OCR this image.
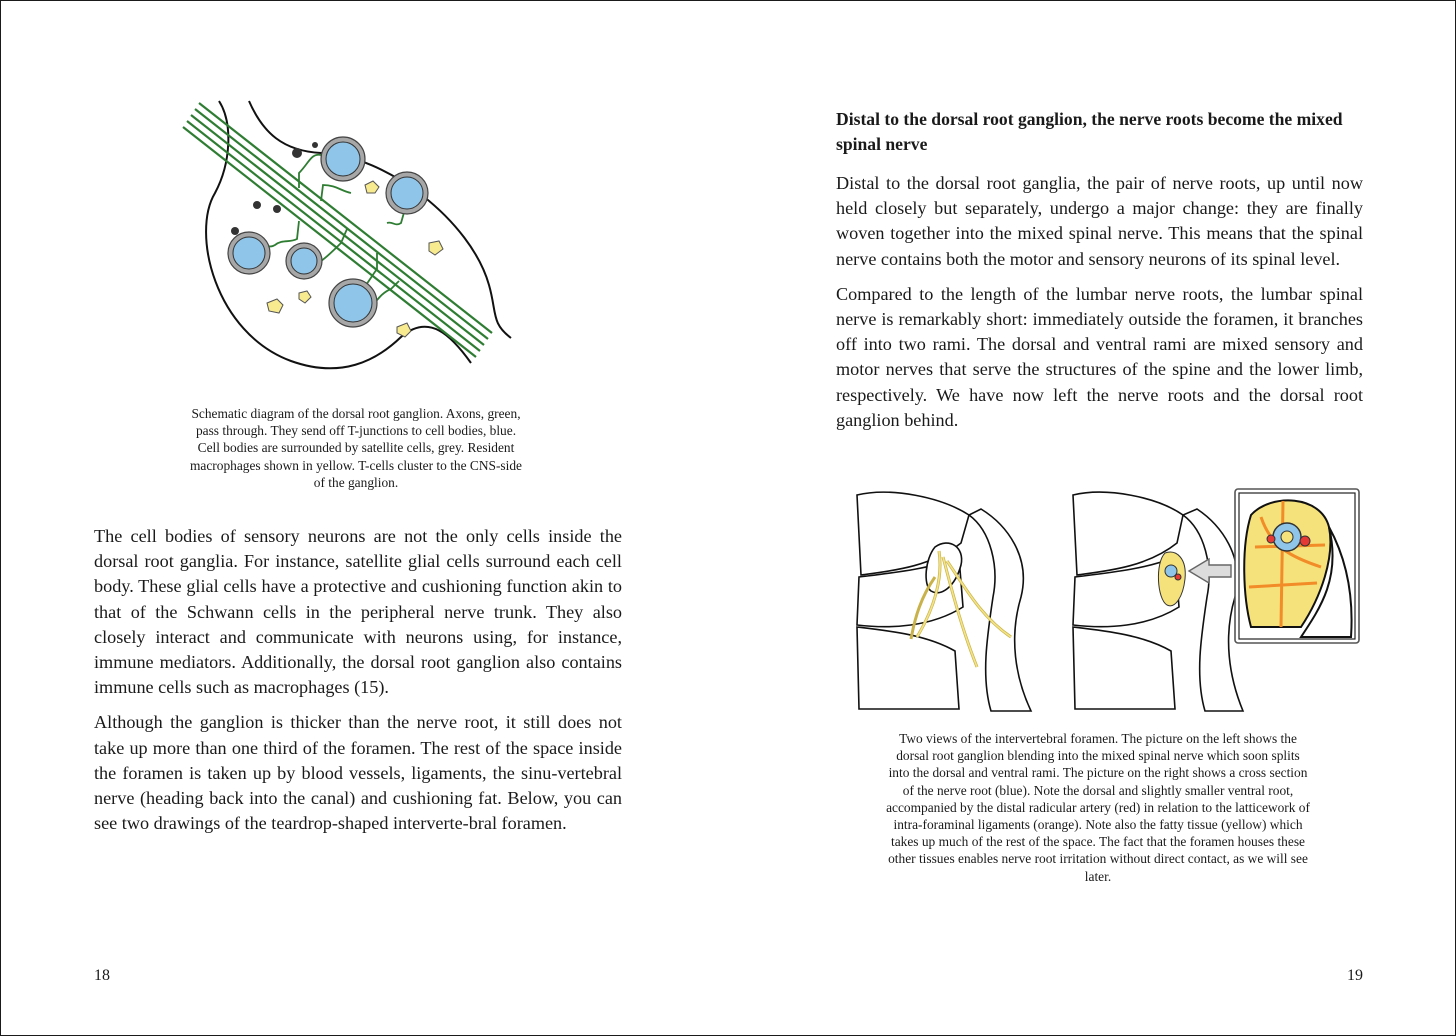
Schematic diagram of the dorsal root ganglion. Axons, green,
pass through. They send off T-junctions to cell bodies, blue.
Cell bodies are surrounded by satellite cells, grey. Resident
macrophages shown in yellow. T-cells cluster to the CNS-side
of the ganglion.

The cell bodies of sensory neurons are not the only cells inside the dorsal root ganglia. For instance, satellite glial cells surround each cell body. These glial cells have a protective and cushioning function akin to that of the Schwann cells in the peripheral nerve trunk. They also closely interact and communicate with neurons using, for instance, immune mediators. Additionally, the dorsal root ganglion also contains immune cells such as macrophages (15).

Although the ganglion is thicker than the nerve root, it still does not take up more than one third of the foramen. The rest of the space inside the foramen is taken up by blood vessels, ligaments, the sinu-vertebral nerve (heading back into the canal) and cushioning fat. Below, you can see two drawings of the teardrop-shaped interverte-bral foramen.

18
Distal to the dorsal root ganglion, the nerve roots become the mixed spinal nerve

Distal to the dorsal root ganglia, the pair of nerve roots, up until now held closely but separately, undergo a major change: they are finally woven together into the mixed spinal nerve. This means that the spinal nerve contains both the motor and sensory neurons of its spinal level.

Compared to the length of the lumbar nerve roots, the lumbar spinal nerve is remarkably short: immediately outside the foramen, it branches off into two rami. The dorsal and ventral rami are mixed sensory and motor nerves that serve the structures of the spine and the lower limb, respectively. We have now left the nerve roots and the dorsal root ganglion behind.

Two views of the intervertebral foramen. The picture on the left shows the
dorsal root ganglion blending into the mixed spinal nerve which soon splits
into the dorsal and ventral rami. The picture on the right shows a cross section
of the nerve root (blue). Note the dorsal and slightly smaller ventral root,
accompanied by the distal radicular artery (red) in relation to the latticework of
intra-foraminal ligaments (orange). Note also the fatty tissue (yellow) which
takes up much of the rest of the space. The fact that the foramen houses these
other tissues enables nerve root irritation without direct contact, as we will see
later.
19
